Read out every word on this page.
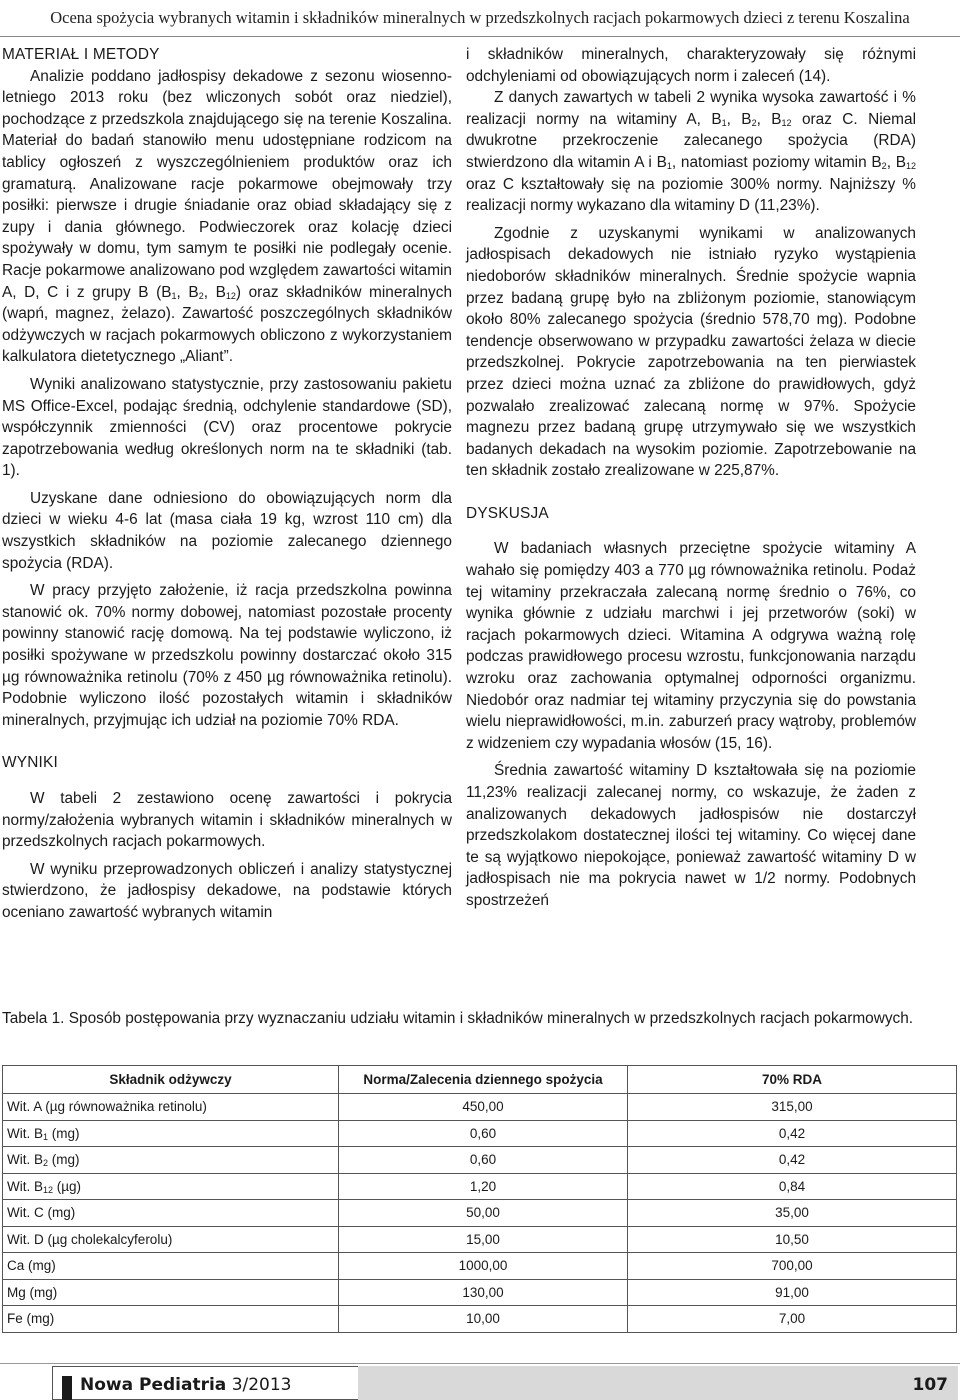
Ocena spożycia wybranych witamin i składników mineralnych w przedszkolnych racjach pokarmowych dzieci z terenu Koszalina
MATERIAŁ I METODY

Analizie poddano jadłospisy dekadowe z sezonu wiosenno-letniego 2013 roku (bez wliczonych sobót oraz niedziel), pochodzące z przedszkola znajdującego się na terenie Koszalina. Materiał do badań stanowiło menu udostępniane rodzicom na tablicy ogłoszeń z wyszczególnieniem produktów oraz ich gramaturą. Analizowane racje pokarmowe obejmowały trzy posiłki: pierwsze i drugie śniadanie oraz obiad składający się z zupy i dania głównego. Podwieczorek oraz kolację dzieci spożywały w domu, tym samym te posiłki nie podlegały ocenie. Racje pokarmowe analizowano pod względem zawartości witamin A, D, C i z grupy B ($B_1$, $B_2$, $B_{12}$) oraz składników mineralnych (wapń, magnez, żelazo). Zawartość poszczególnych składników odżywczych w racjach pokarmowych obliczono z wykorzystaniem kalkulatora dietetycznego „Aliant”.

Wyniki analizowano statystycznie, przy zastosowaniu pakietu MS Office-Excel, podając średnią, odchylenie standardowe (SD), współczynnik zmienności (CV) oraz procentowe pokrycie zapotrzebowania według określonych norm na te składniki (tab. 1).

Uzyskane dane odniesiono do obowiązujących norm dla dzieci w wieku 4-6 lat (masa ciała 19 kg, wzrost 110 cm) dla wszystkich składników na poziomie zalecanego dziennego spożycia (RDA).

W pracy przyjęto założenie, iż racja przedszkolna powinna stanowić ok. 70% normy dobowej, natomiast pozostałe procenty powinny stanowić rację domową. Na tej podstawie wyliczono, iż posiłki spożywane w przedszkolu powinny dostarczać około 315 µg równoważnika retinolu (70% z 450 µg równoważnika retinolu). Podobnie wyliczono ilość pozostałych witamin i składników mineralnych, przyjmując ich udział na poziomie 70% RDA.

WYNIKI

W tabeli 2 zestawiono ocenę zawartości i pokrycia normy/założenia wybranych witamin i składników mineralnych w przedszkolnych racjach pokarmowych.

W wyniku przeprowadzonych obliczeń i analizy statystycznej stwierdzono, że jadłospisy dekadowe, na podstawie których oceniano zawartość wybranych witamin

i składników mineralnych, charakteryzowały się różnymi odchyleniami od obowiązujących norm i zaleceń (14).

Z danych zawartych w tabeli 2 wynika wysoka zawartość i % realizacji normy na witaminy A, $B_1$, $B_2$, $B_{12}$ oraz C. Niemal dwukrotne przekroczenie zalecanego spożycia (RDA) stwierdzono dla witamin A i $B_1$, natomiast poziomy witamin $B_2$, $B_{12}$ oraz C kształtowały się na poziomie 300% normy. Najniższy % realizacji normy wykazano dla witaminy D (11,23%).

Zgodnie z uzyskanymi wynikami w analizowanych jadłospisach dekadowych nie istniało ryzyko wystąpienia niedoborów składników mineralnych. Średnie spożycie wapnia przez badaną grupę było na zbliżonym poziomie, stanowiącym około 80% zalecanego spożycia (średnio 578,70 mg). Podobne tendencje obserwowano w przypadku zawartości żelaza w diecie przedszkolnej. Pokrycie zapotrzebowania na ten pierwiastek przez dzieci można uznać za zbliżone do prawidłowych, gdyż pozwalało zrealizować zalecaną normę w 97%. Spożycie magnezu przez badaną grupę utrzymywało się we wszystkich badanych dekadach na wysokim poziomie. Zapotrzebowanie na ten składnik zostało zrealizowane w 225,87%.

DYSKUSJA

W badaniach własnych przeciętne spożycie witaminy A wahało się pomiędzy 403 a 770 µg równoważnika retinolu. Podaż tej witaminy przekraczała zalecaną normę średnio o 76%, co wynika głównie z udziału marchwi i jej przetworów (soki) w racjach pokarmowych dzieci. Witamina A odgrywa ważną rolę podczas prawidłowego procesu wzrostu, funkcjonowania narządu wzroku oraz zachowania optymalnej odporności organizmu. Niedobór oraz nadmiar tej witaminy przyczynia się do powstania wielu nieprawidłowości, m.in. zaburzeń pracy wątroby, problemów z widzeniem czy wypadania włosów (15, 16).

Średnia zawartość witaminy D kształtowała się na poziomie 11,23% realizacji zalecanej normy, co wskazuje, że żaden z analizowanych dekadowych jadłospisów nie dostarczył przedszkolakom dostatecznej ilości tej witaminy. Co więcej dane te są wyjątkowo niepokojące, ponieważ zawartość witaminy D w jadłospisach nie ma pokrycia nawet w 1/2 normy. Podobnych spostrzeżeń

Tabela 1. Sposób postępowania przy wyznaczaniu udziału witamin i składników mineralnych w przedszkolnych racjach pokarmowych.
Składnik odżywczy	Norma/Zalecenia dziennego spożycia	70% RDA
Wit. A (µg równoważnika retinolu)	450,00	315,00
Wit. $B_1$ (mg)	0,60	0,42
Wit. $B_2$ (mg)	0,60	0,42
Wit. $B_{12}$ (µg)	1,20	0,84
Wit. C (mg)	50,00	35,00
Wit. D (µg cholekalcyferolu)	15,00	10,50
Ca (mg)	1000,00	700,00
Mg (mg)	130,00	91,00
Fe (mg)	10,00	7,00
Nowa Pediatria 3/2013	107
